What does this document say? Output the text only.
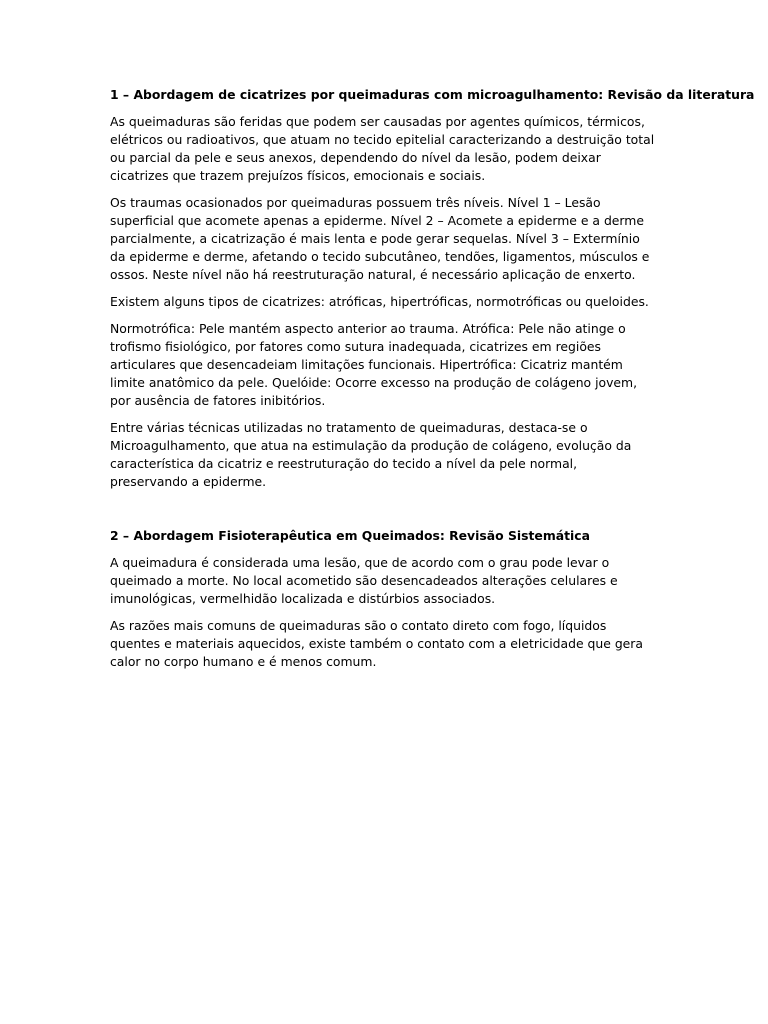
1 – Abordagem de cicatrizes por queimaduras com microagulhamento: Revisão da literatura

As queimaduras são feridas que podem ser causadas por agentes químicos, térmicos, elétricos ou radioativos, que atuam no tecido epitelial caracterizando a destruição total ou parcial da pele e seus anexos, dependendo do nível da lesão, podem deixar cicatrizes que trazem prejuízos físicos, emocionais e sociais.

Os traumas ocasionados por queimaduras possuem três níveis. Nível 1 – Lesão superficial que acomete apenas a epiderme. Nível 2 – Acomete a epiderme e a derme parcialmente, a cicatrização é mais lenta e pode gerar sequelas. Nível 3 – Extermínio da epiderme e derme, afetando o tecido subcutâneo, tendões, ligamentos, músculos e ossos. Neste nível não há reestruturação natural, é necessário aplicação de enxerto.

Existem alguns tipos de cicatrizes: atróficas, hipertróficas, normotróficas ou queloides.

Normotrófica: Pele mantém aspecto anterior ao trauma. Atrófica: Pele não atinge o trofismo fisiológico, por fatores como sutura inadequada, cicatrizes em regiões articulares que desencadeiam limitações funcionais. Hipertrófica: Cicatriz mantém limite anatômico da pele. Quelóide: Ocorre excesso na produção de colágeno jovem, por ausência de fatores inibitórios.

Entre várias técnicas utilizadas no tratamento de queimaduras, destaca-se o Microagulhamento, que atua na estimulação da produção de colágeno, evolução da característica da cicatriz e reestruturação do tecido a nível da pele normal, preservando a epiderme.

2 – Abordagem Fisioterapêutica em Queimados: Revisão Sistemática

A queimadura é considerada uma lesão, que de acordo com o grau pode levar o queimado a morte. No local acometido são desencadeados alterações celulares e imunológicas, vermelhidão localizada e distúrbios associados.

As razões mais comuns de queimaduras são o contato direto com fogo, líquidos quentes e materiais aquecidos, existe também o contato com a eletricidade que gera calor no corpo humano e é menos comum.
